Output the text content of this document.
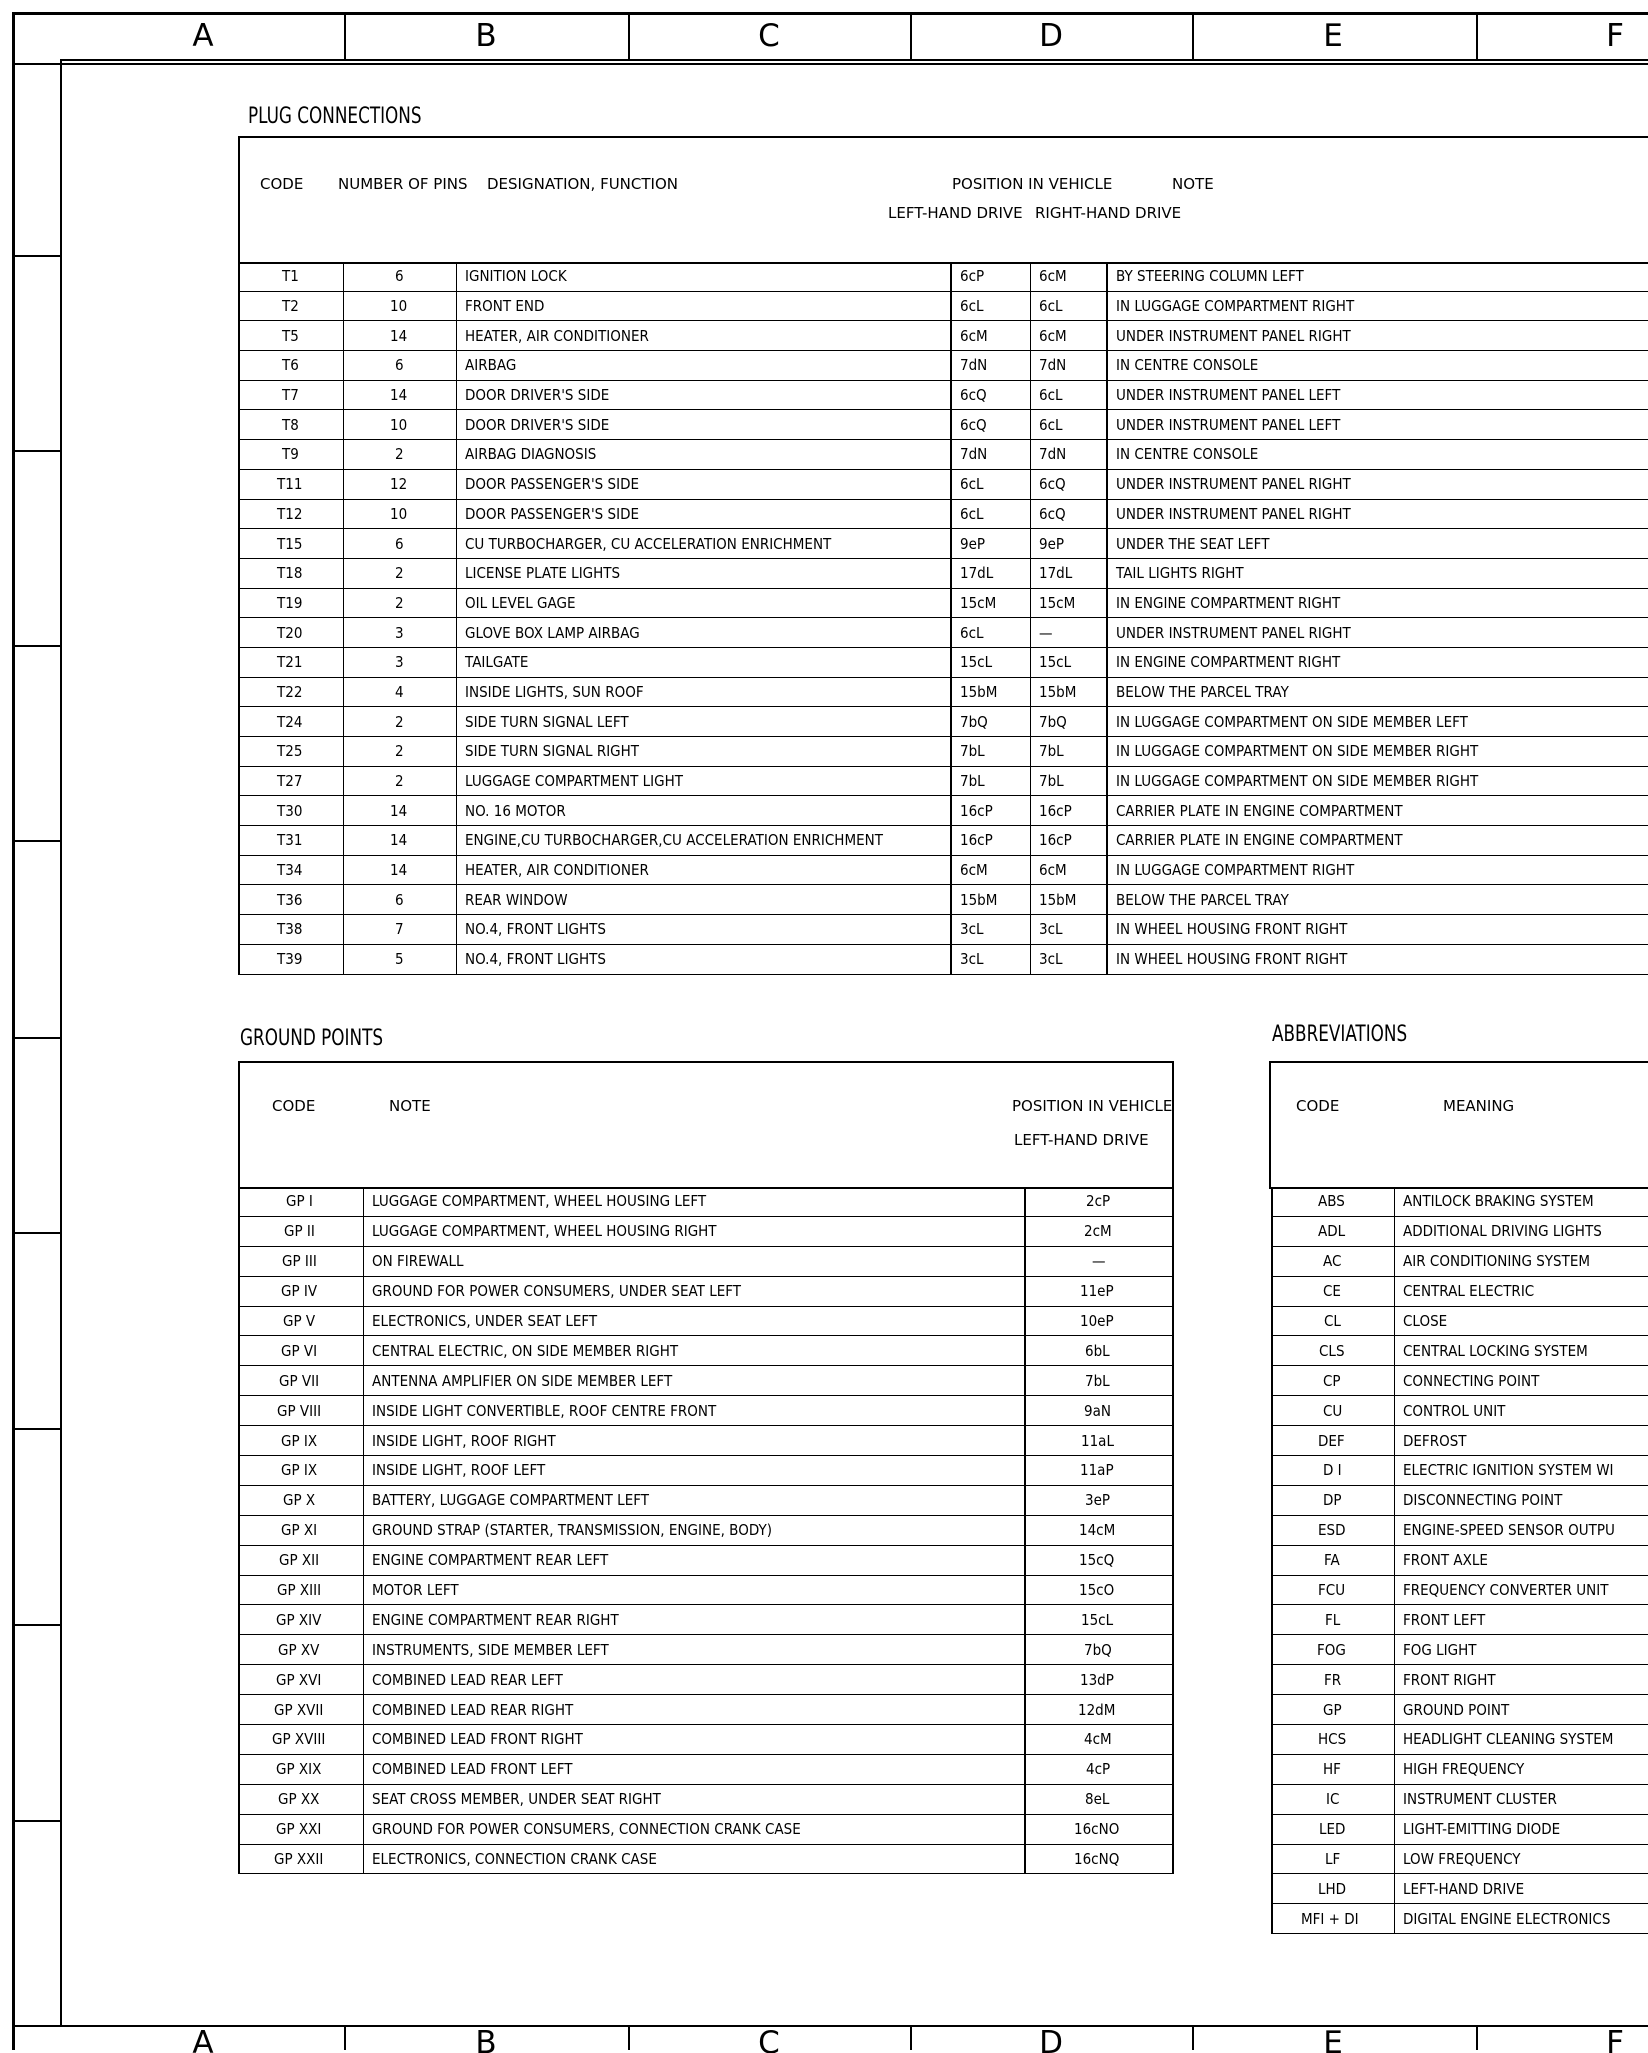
A	B	C	D	E	F
A	B	C	D	E	F
PLUG CONNECTIONS
CODE NUMBER OF PINS DESIGNATION, FUNCTION	POSITION IN VEHICLE	NOTE
LEFT-HAND DRIVE RIGHT-HAND DRIVE
T1	6	IGNITION LOCK	6cP	6cM	BY STEERING COLUMN LEFT
T2	10	FRONT END	6cL	6cL	IN LUGGAGE COMPARTMENT RIGHT
T5	14	HEATER, AIR CONDITIONER	6cM	6cM	UNDER INSTRUMENT PANEL RIGHT
T6	6	AIRBAG	7dN	7dN	IN CENTRE CONSOLE
T7	14	DOOR DRIVER'S SIDE	6cQ	6cL	UNDER INSTRUMENT PANEL LEFT
T8	10	DOOR DRIVER'S SIDE	6cQ	6cL	UNDER INSTRUMENT PANEL LEFT
T9	2	AIRBAG DIAGNOSIS	7dN	7dN	IN CENTRE CONSOLE
T11	12	DOOR PASSENGER'S SIDE	6cL	6cQ	UNDER INSTRUMENT PANEL RIGHT
T12	10	DOOR PASSENGER'S SIDE	6cL	6cQ	UNDER INSTRUMENT PANEL RIGHT
T15	6	CU TURBOCHARGER, CU ACCELERATION ENRICHMENT	9eP	9eP	UNDER THE SEAT LEFT
T18	2	LICENSE PLATE LIGHTS	17dL	17dL	TAIL LIGHTS RIGHT
T19	2	OIL LEVEL GAGE	15cM	15cM	IN ENGINE COMPARTMENT RIGHT
T20	3	GLOVE BOX LAMP AIRBAG	6cL	—	UNDER INSTRUMENT PANEL RIGHT
T21	3	TAILGATE	15cL	15cL	IN ENGINE COMPARTMENT RIGHT
T22	4	INSIDE LIGHTS, SUN ROOF	15bM	15bM	BELOW THE PARCEL TRAY
T24	2	SIDE TURN SIGNAL LEFT	7bQ	7bQ	IN LUGGAGE COMPARTMENT ON SIDE MEMBER LEFT
T25	2	SIDE TURN SIGNAL RIGHT	7bL	7bL	IN LUGGAGE COMPARTMENT ON SIDE MEMBER RIGHT
T27	2	LUGGAGE COMPARTMENT LIGHT	7bL	7bL	IN LUGGAGE COMPARTMENT ON SIDE MEMBER RIGHT
T30	14	NO. 16 MOTOR	16cP	16cP	CARRIER PLATE IN ENGINE COMPARTMENT
T31	14	ENGINE,CU TURBOCHARGER,CU ACCELERATION ENRICHMENT	16cP	16cP	CARRIER PLATE IN ENGINE COMPARTMENT
T34	14	HEATER, AIR CONDITIONER	6cM	6cM	IN LUGGAGE COMPARTMENT RIGHT
T36	6	REAR WINDOW	15bM	15bM	BELOW THE PARCEL TRAY
T38	7	NO.4, FRONT LIGHTS	3cL	3cL	IN WHEEL HOUSING FRONT RIGHT
T39	5	NO.4, FRONT LIGHTS	3cL	3cL	IN WHEEL HOUSING FRONT RIGHT
GROUND POINTS
CODE	NOTE	POSITION IN VEHICLE
LEFT-HAND DRIVE
GP I	LUGGAGE COMPARTMENT, WHEEL HOUSING LEFT	2cP
GP II	LUGGAGE COMPARTMENT, WHEEL HOUSING RIGHT	2cM
GP III	ON FIREWALL	—
GP IV	GROUND FOR POWER CONSUMERS, UNDER SEAT LEFT	11eP
GP V	ELECTRONICS, UNDER SEAT LEFT	10eP
GP VI	CENTRAL ELECTRIC, ON SIDE MEMBER RIGHT	6bL
GP VII	ANTENNA AMPLIFIER ON SIDE MEMBER LEFT	7bL
GP VIII	INSIDE LIGHT CONVERTIBLE, ROOF CENTRE FRONT	9aN
GP IX	INSIDE LIGHT, ROOF RIGHT	11aL
GP IX	INSIDE LIGHT, ROOF LEFT	11aP
GP X	BATTERY, LUGGAGE COMPARTMENT LEFT	3eP
GP XI	GROUND STRAP (STARTER, TRANSMISSION, ENGINE, BODY)	14cM
GP XII	ENGINE COMPARTMENT REAR LEFT	15cQ
GP XIII	MOTOR LEFT	15cO
GP XIV	ENGINE COMPARTMENT REAR RIGHT	15cL
GP XV	INSTRUMENTS, SIDE MEMBER LEFT	7bQ
GP XVI	COMBINED LEAD REAR LEFT	13dP
GP XVII	COMBINED LEAD REAR RIGHT	12dM
GP XVIII	COMBINED LEAD FRONT RIGHT	4cM
GP XIX	COMBINED LEAD FRONT LEFT	4cP
GP XX	SEAT CROSS MEMBER, UNDER SEAT RIGHT	8eL
GP XXI	GROUND FOR POWER CONSUMERS, CONNECTION CRANK CASE	16cNO
GP XXII	ELECTRONICS, CONNECTION CRANK CASE	16cNQ
ABBREVIATIONS
CODE	MEANING
ABS	ANTILOCK BRAKING SYSTEM
ADL	ADDITIONAL DRIVING LIGHTS
AC	AIR CONDITIONING SYSTEM
CE	CENTRAL ELECTRIC
CL	CLOSE
CLS	CENTRAL LOCKING SYSTEM
CP	CONNECTING POINT
CU	CONTROL UNIT
DEF	DEFROST
D I	ELECTRIC IGNITION SYSTEM WI
DP	DISCONNECTING POINT
ESD	ENGINE-SPEED SENSOR OUTPU
FA	FRONT AXLE
FCU	FREQUENCY CONVERTER UNIT
FL	FRONT LEFT
FOG	FOG LIGHT
FR	FRONT RIGHT
GP	GROUND POINT
HCS	HEADLIGHT CLEANING SYSTEM
HF	HIGH FREQUENCY
IC	INSTRUMENT CLUSTER
LED	LIGHT-EMITTING DIODE
LF	LOW FREQUENCY
LHD	LEFT-HAND DRIVE
MFI + DI	DIGITAL ENGINE ELECTRONICS
